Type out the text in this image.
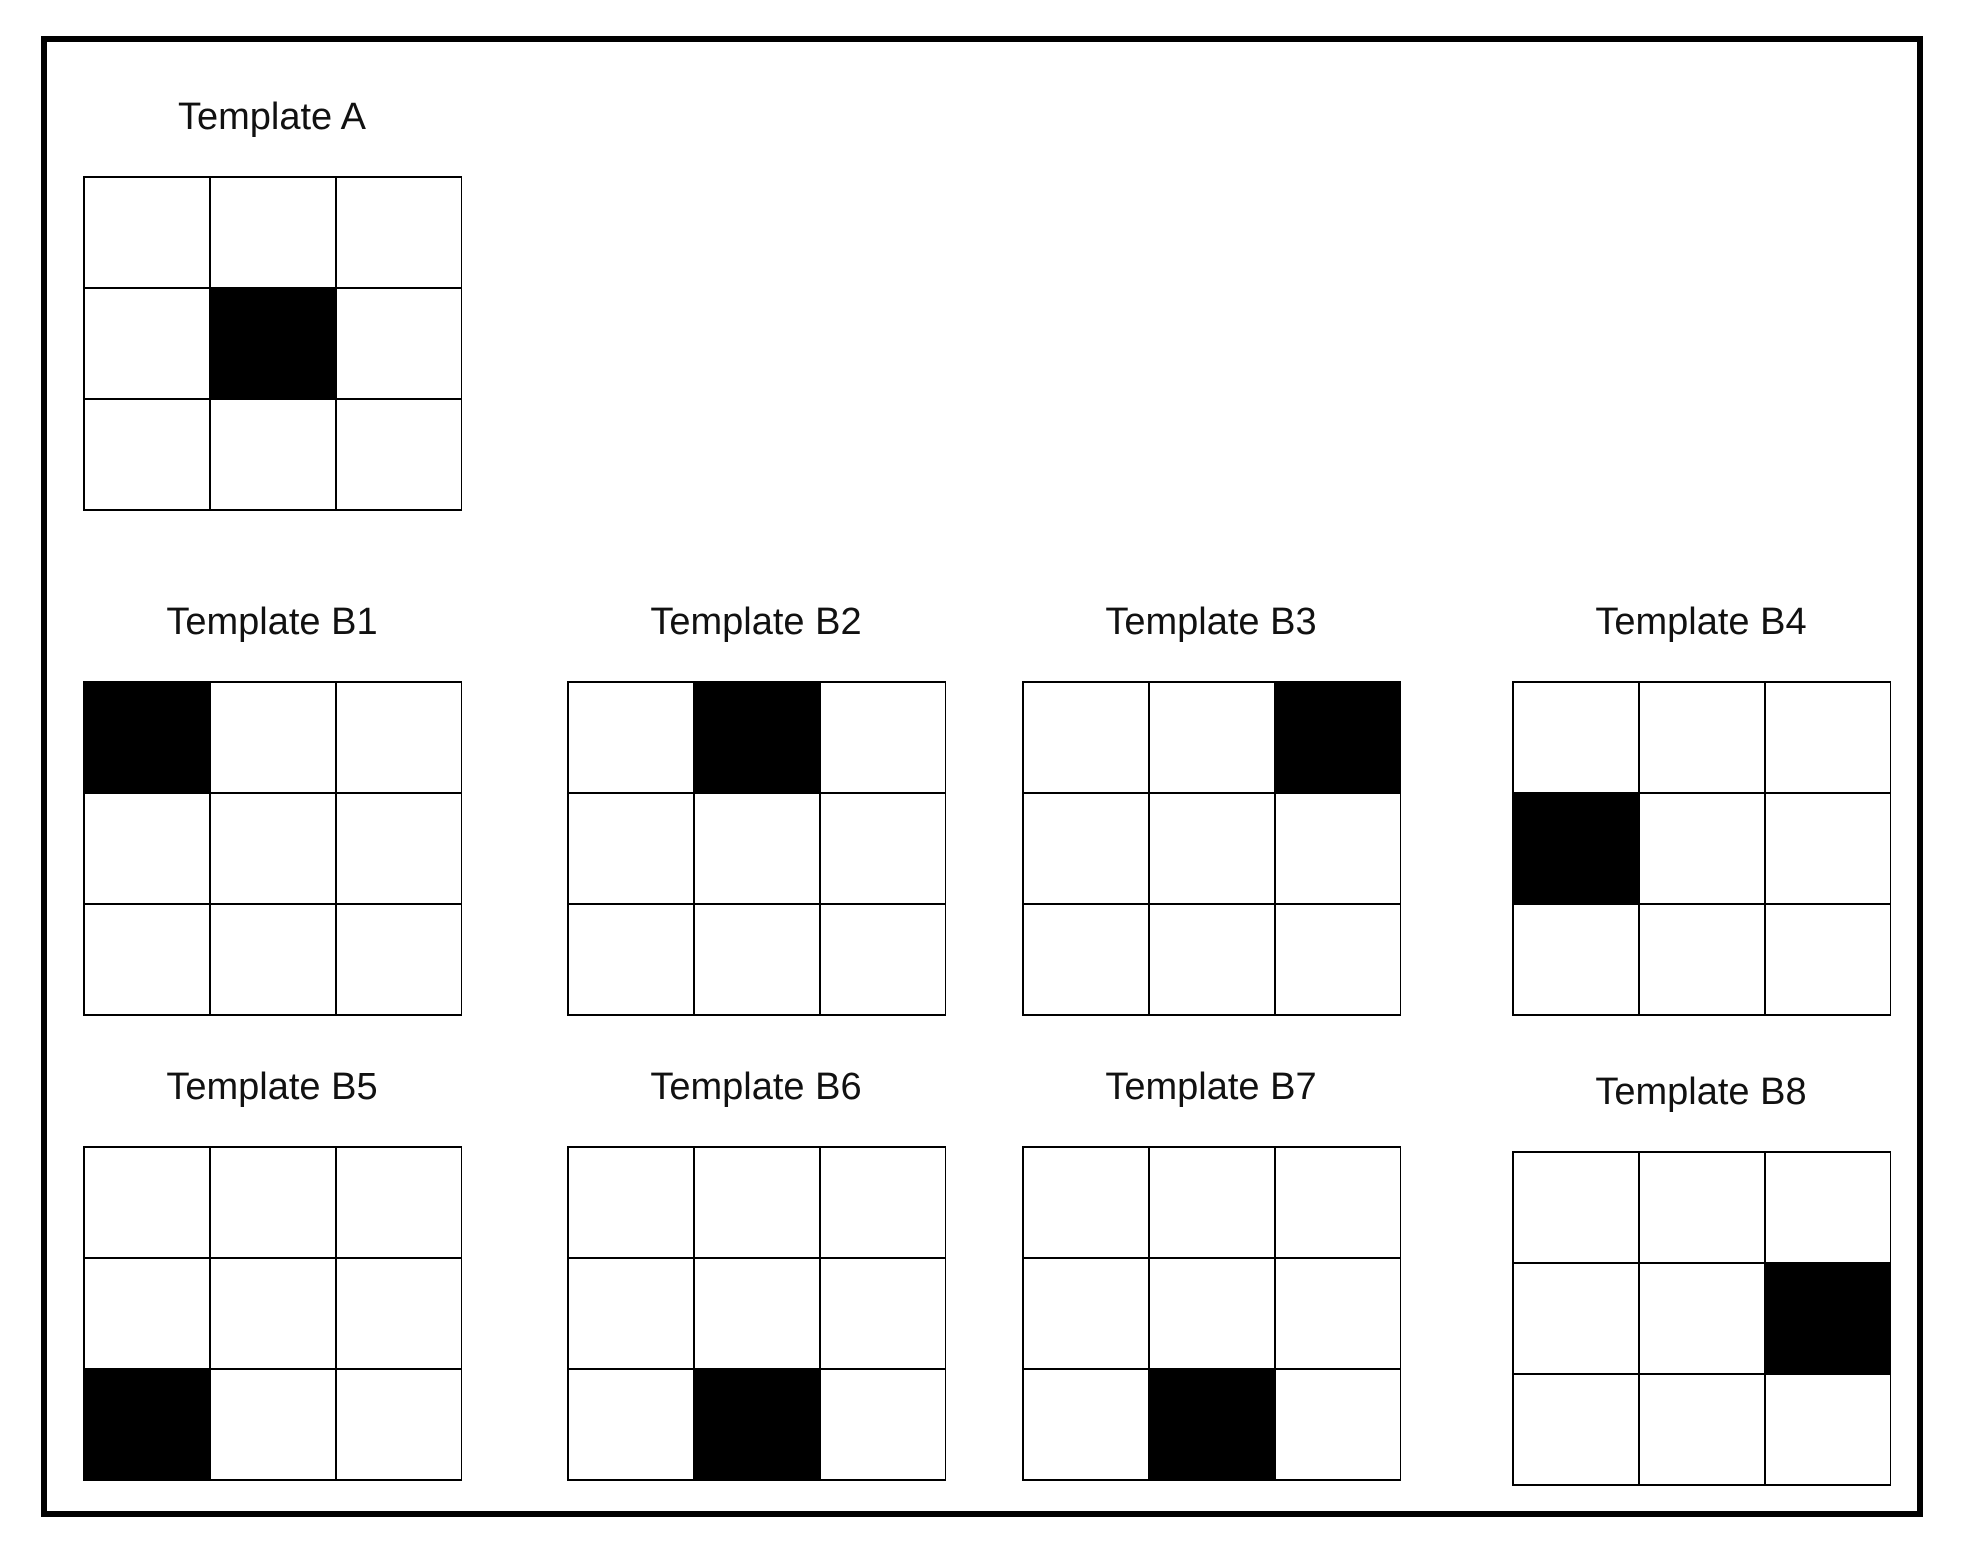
Template A
Template B1	Template B2	Template B3	Template B4
Template B5	Template B6	Template B7	Template B8
